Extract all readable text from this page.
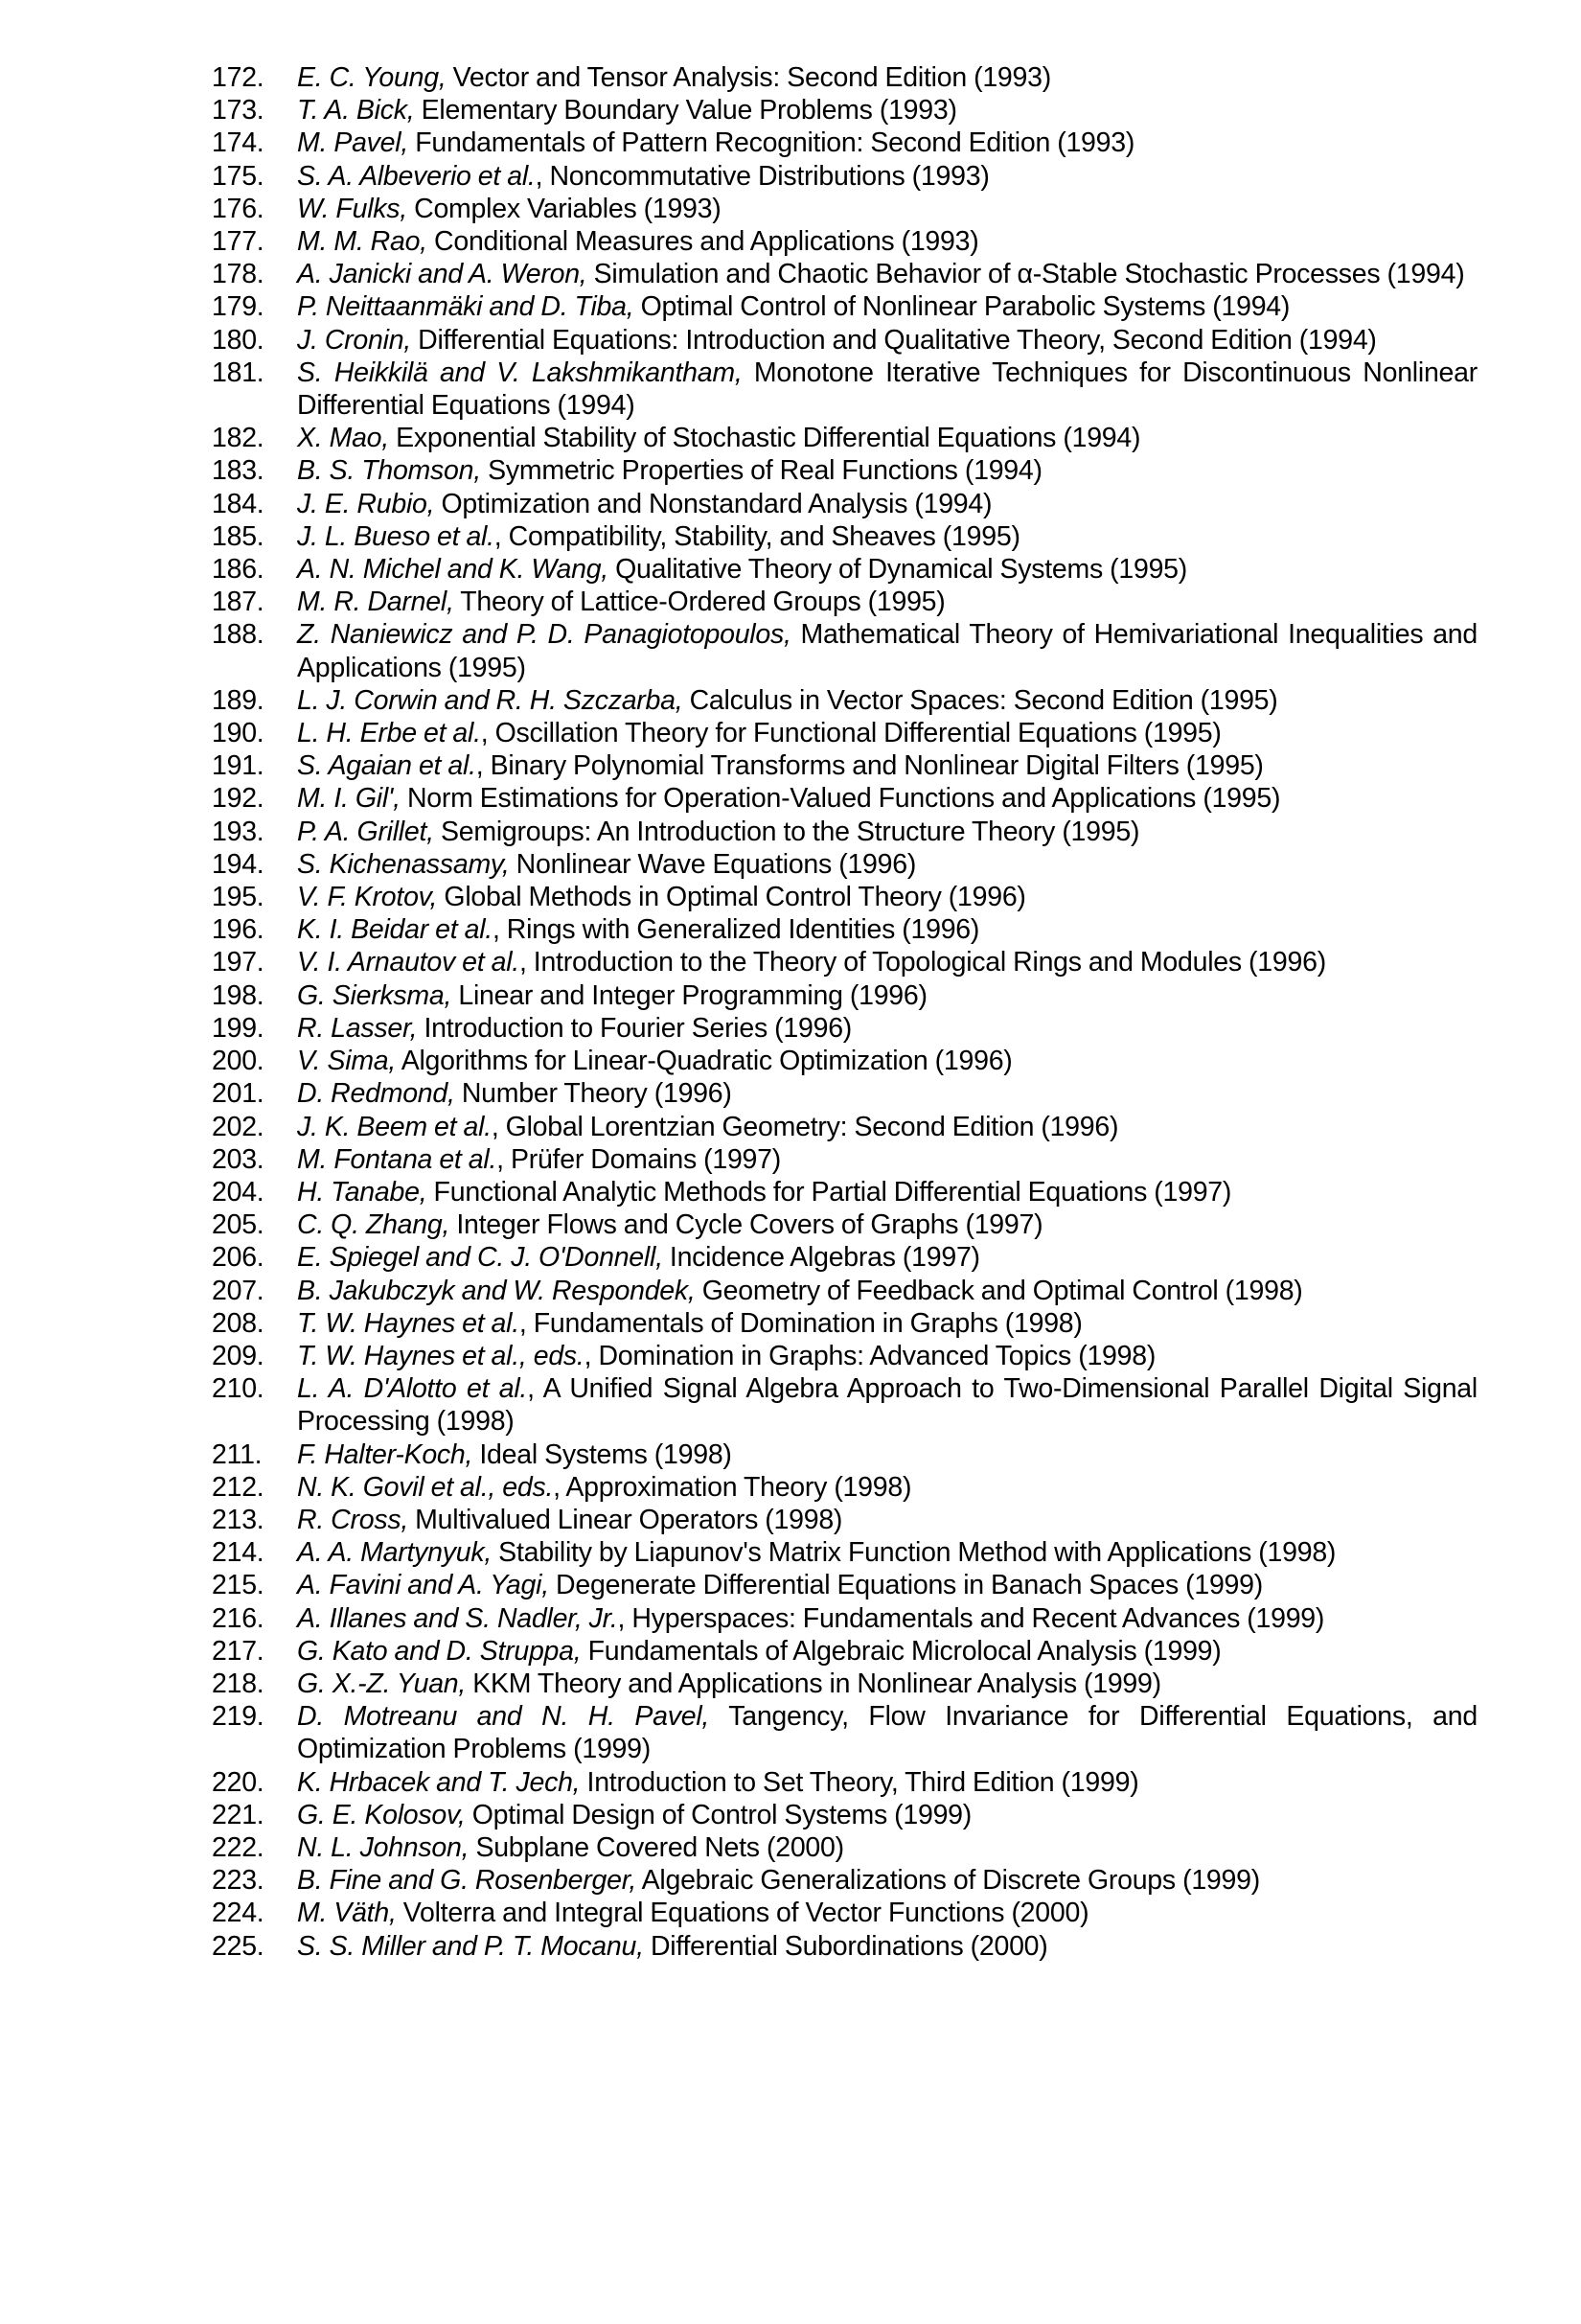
172. E. C. Young, Vector and Tensor Analysis: Second Edition (1993)
173. T. A. Bick, Elementary Boundary Value Problems (1993)
174. M. Pavel, Fundamentals of Pattern Recognition: Second Edition (1993)
175. S. A. Albeverio et al., Noncommutative Distributions (1993)
176. W. Fulks, Complex Variables (1993)
177. M. M. Rao, Conditional Measures and Applications (1993)
178. A. Janicki and A. Weron, Simulation and Chaotic Behavior of α-Stable Stochastic Processes (1994)
179. P. Neittaanmäki and D. Tiba, Optimal Control of Nonlinear Parabolic Systems (1994)
180. J. Cronin, Differential Equations: Introduction and Qualitative Theory, Second Edition (1994)
181. S. Heikkilä and V. Lakshmikantham, Monotone Iterative Techniques for Discontinuous Nonlinear Differential Equations (1994)
182. X. Mao, Exponential Stability of Stochastic Differential Equations (1994)
183. B. S. Thomson, Symmetric Properties of Real Functions (1994)
184. J. E. Rubio, Optimization and Nonstandard Analysis (1994)
185. J. L. Bueso et al., Compatibility, Stability, and Sheaves (1995)
186. A. N. Michel and K. Wang, Qualitative Theory of Dynamical Systems (1995)
187. M. R. Darnel, Theory of Lattice-Ordered Groups (1995)
188. Z. Naniewicz and P. D. Panagiotopoulos, Mathematical Theory of Hemivariational Inequalities and Applications (1995)
189. L. J. Corwin and R. H. Szczarba, Calculus in Vector Spaces: Second Edition (1995)
190. L. H. Erbe et al., Oscillation Theory for Functional Differential Equations (1995)
191. S. Agaian et al., Binary Polynomial Transforms and Nonlinear Digital Filters (1995)
192. M. I. Gil', Norm Estimations for Operation-Valued Functions and Applications (1995)
193. P. A. Grillet, Semigroups: An Introduction to the Structure Theory (1995)
194. S. Kichenassamy, Nonlinear Wave Equations (1996)
195. V. F. Krotov, Global Methods in Optimal Control Theory (1996)
196. K. I. Beidar et al., Rings with Generalized Identities (1996)
197. V. I. Arnautov et al., Introduction to the Theory of Topological Rings and Modules (1996)
198. G. Sierksma, Linear and Integer Programming (1996)
199. R. Lasser, Introduction to Fourier Series (1996)
200. V. Sima, Algorithms for Linear-Quadratic Optimization (1996)
201. D. Redmond, Number Theory (1996)
202. J. K. Beem et al., Global Lorentzian Geometry: Second Edition (1996)
203. M. Fontana et al., Prüfer Domains (1997)
204. H. Tanabe, Functional Analytic Methods for Partial Differential Equations (1997)
205. C. Q. Zhang, Integer Flows and Cycle Covers of Graphs (1997)
206. E. Spiegel and C. J. O'Donnell, Incidence Algebras (1997)
207. B. Jakubczyk and W. Respondek, Geometry of Feedback and Optimal Control (1998)
208. T. W. Haynes et al., Fundamentals of Domination in Graphs (1998)
209. T. W. Haynes et al., eds., Domination in Graphs: Advanced Topics (1998)
210. L. A. D'Alotto et al., A Unified Signal Algebra Approach to Two-Dimensional Parallel Digital Signal Processing (1998)
211. F. Halter-Koch, Ideal Systems (1998)
212. N. K. Govil et al., eds., Approximation Theory (1998)
213. R. Cross, Multivalued Linear Operators (1998)
214. A. A. Martynyuk, Stability by Liapunov's Matrix Function Method with Applications (1998)
215. A. Favini and A. Yagi, Degenerate Differential Equations in Banach Spaces (1999)
216. A. Illanes and S. Nadler, Jr., Hyperspaces: Fundamentals and Recent Advances (1999)
217. G. Kato and D. Struppa, Fundamentals of Algebraic Microlocal Analysis (1999)
218. G. X.-Z. Yuan, KKM Theory and Applications in Nonlinear Analysis (1999)
219. D. Motreanu and N. H. Pavel, Tangency, Flow Invariance for Differential Equations, and Optimization Problems (1999)
220. K. Hrbacek and T. Jech, Introduction to Set Theory, Third Edition (1999)
221. G. E. Kolosov, Optimal Design of Control Systems (1999)
222. N. L. Johnson, Subplane Covered Nets (2000)
223. B. Fine and G. Rosenberger, Algebraic Generalizations of Discrete Groups (1999)
224. M. Väth, Volterra and Integral Equations of Vector Functions (2000)
225. S. S. Miller and P. T. Mocanu, Differential Subordinations (2000)
